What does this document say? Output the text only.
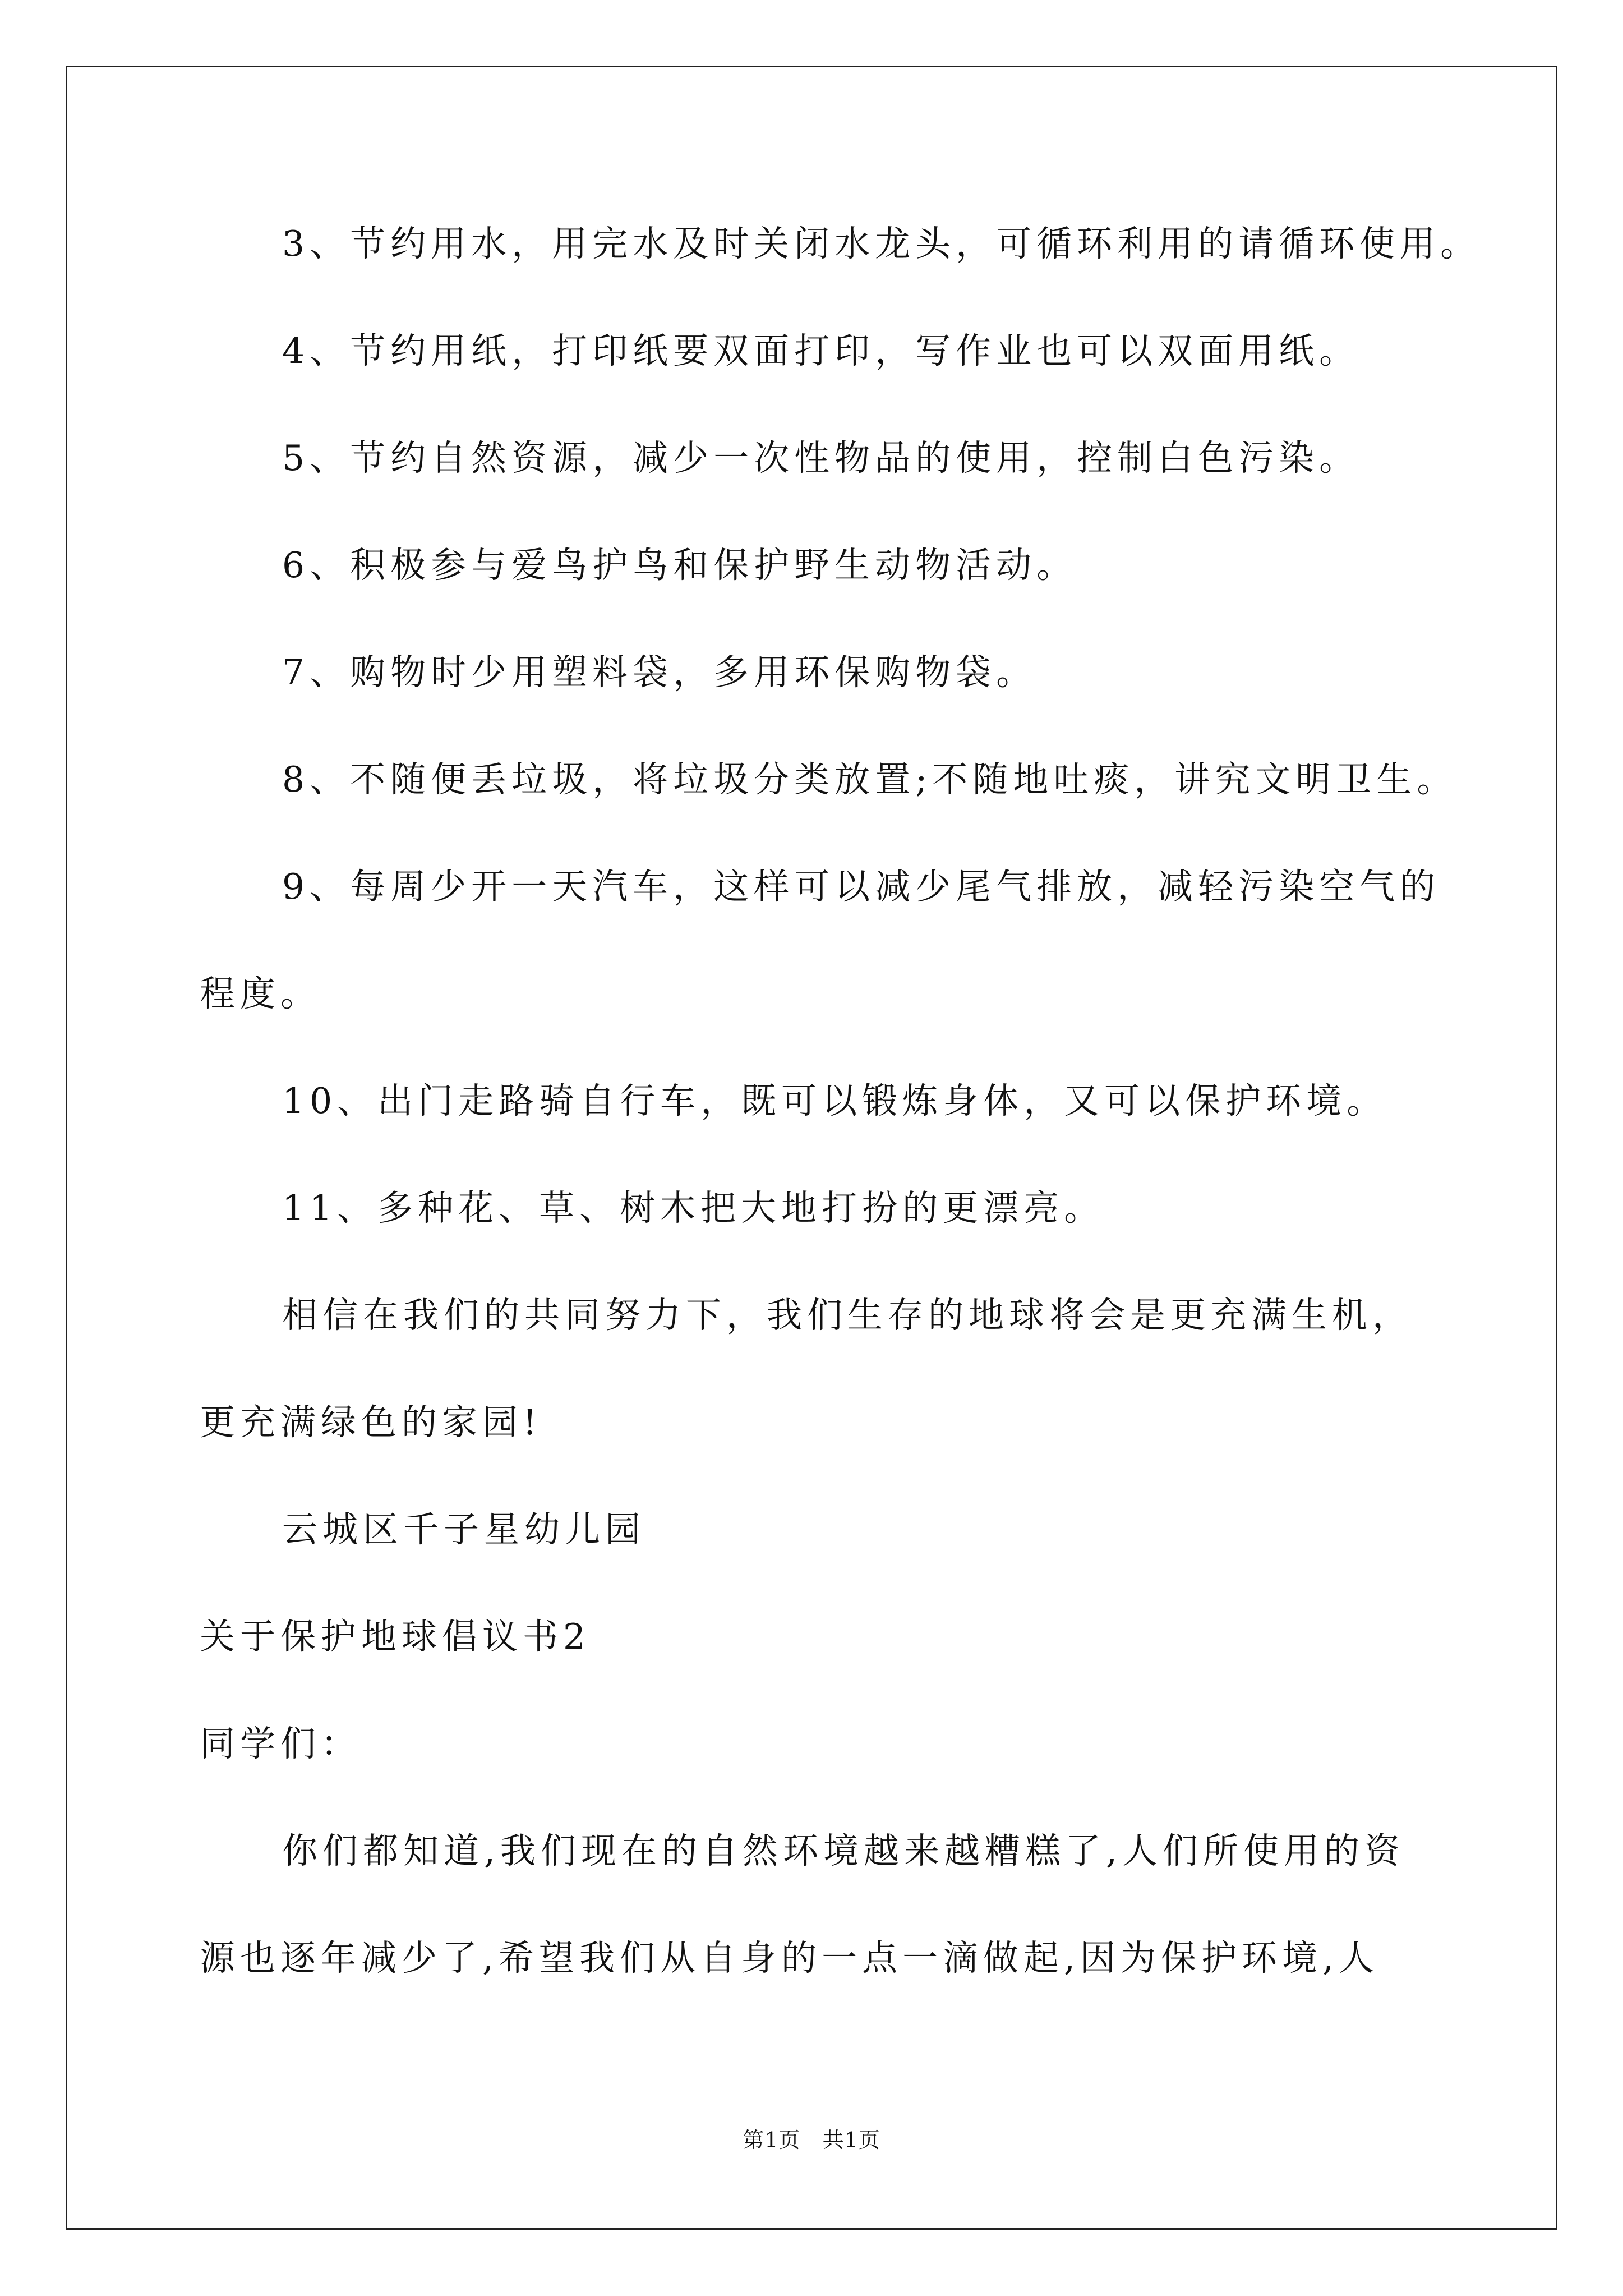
3、节约用水，用完水及时关闭水龙头，可循环利用的请循环使用。
4、节约用纸，打印纸要双面打印，写作业也可以双面用纸。
5、节约自然资源，减少一次性物品的使用，控制白色污染。
6、积极参与爱鸟护鸟和保护野生动物活动。
7、购物时少用塑料袋，多用环保购物袋。
8、不随便丢垃圾，将垃圾分类放置;不随地吐痰，讲究文明卫生。
9、每周少开一天汽车，这样可以减少尾气排放，减轻污染空气的
程度。
10、出门走路骑自行车，既可以锻炼身体，又可以保护环境。
11、多种花、草、树木把大地打扮的更漂亮。
相信在我们的共同努力下，我们生存的地球将会是更充满生机，
更充满绿色的家园!
云城区千子星幼儿园
关于保护地球倡议书2
同学们：
你们都知道,我们现在的自然环境越来越糟糕了,人们所使用的资
源也逐年减少了,希望我们从自身的一点一滴做起,因为保护环境,人
第1页   共1页
